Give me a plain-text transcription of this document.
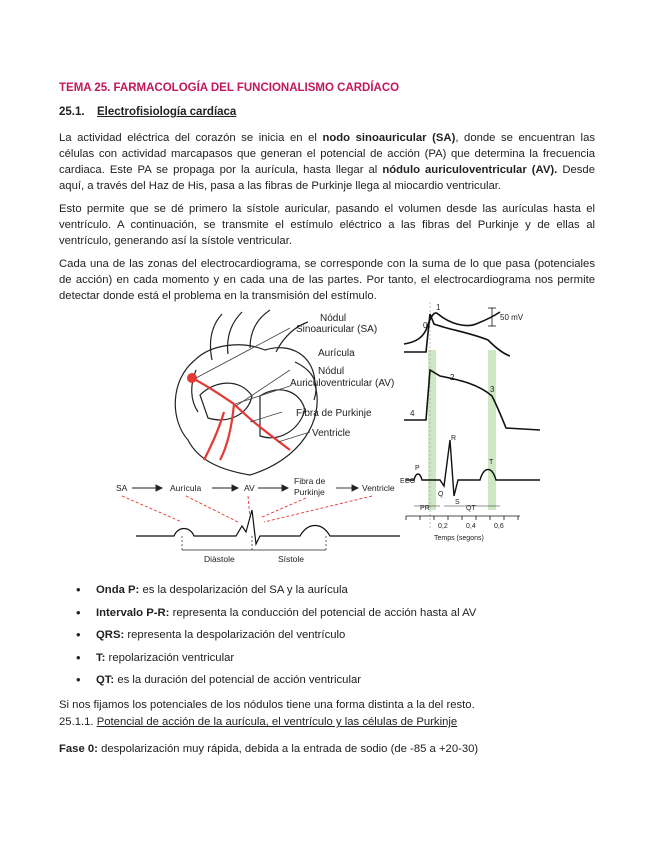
TEMA 25. FARMACOLOGÍA DEL FUNCIONALISMO CARDÍACO
25.1. Electrofisiología cardíaca
La actividad eléctrica del corazón se inicia en el nodo sinoauricular (SA), donde se encuentran las células con actividad marcapasos que generan el potencial de acción (PA) que determina la frecuencia cardiaca. Este PA se propaga por la aurícula, hasta llegar al nódulo auriculoventricular (AV). Desde aquí, a través del Haz de His, pasa a las fibras de Purkinje llega al miocardio ventricular.
Esto permite que se dé primero la sístole auricular, pasando el volumen desde las aurículas hasta el ventrículo. A continuación, se transmite el estímulo eléctrico a las fibras del Purkinje y de ellas al ventrículo, generando así la sístole ventricular.
Cada una de las zonas del electrocardiograma, se corresponde con la suma de lo que pasa (potenciales de acción) en cada momento y en cada una de las partes. Por tanto, el electrocardiograma nos permite detectar donde está el problema en la transmisión del estímulo.
Nódul
Sinoauricular (SA)
Aurícula
Nódul
Auriculoventricular (AV)
Fibra de Purkinje
Ventricle
50 mV
0
1
2
3
4
ECG
P
R
Q
S
T
PR	QT
0,2	0,4	0,6
Temps (segons)
SA	Aurícula	AV
Fibra de
Purkinje	Ventricle
Diàstole	Sístole
• Onda P: es la despolarización del SA y la aurícula
• Intervalo P-R: representa la conducción del potencial de acción hasta al AV
• QRS: representa la despolarización del ventrículo
• T: repolarización ventricular
• QT: es la duración del potencial de acción ventricular
Si nos fijamos los potenciales de los nódulos tiene una forma distinta a la del resto.
25.1.1. Potencial de acción de la aurícula, el ventrículo y las células de Purkinje
Fase 0: despolarización muy rápida, debida a la entrada de sodio (de -85 a +20-30)
